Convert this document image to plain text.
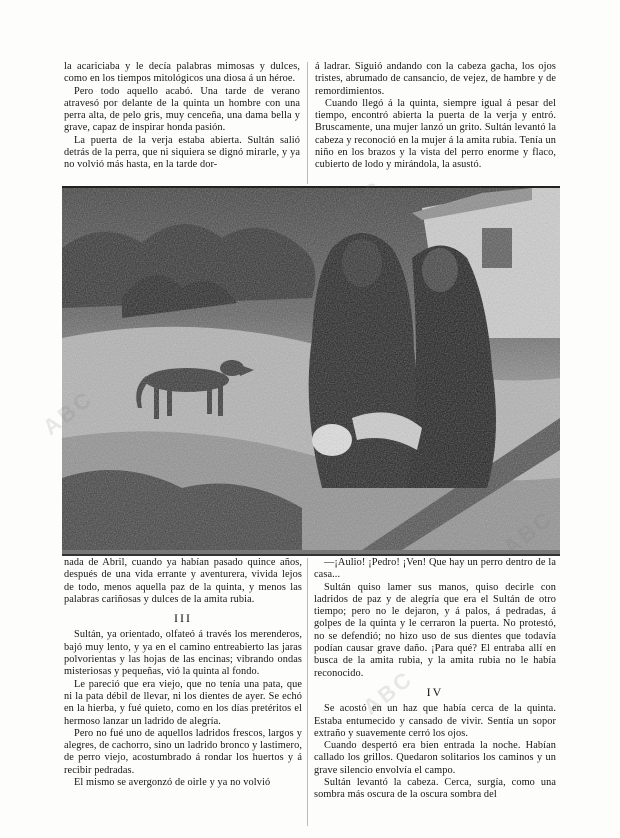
la acariciaba y le decía palabras mimosas y dulces, como en los tiempos mitológicos una diosa á un héroe.

Pero todo aquello acabó. Una tarde de verano atravesó por delante de la quinta un hombre con una perra alta, de pelo gris, muy cenceña, una dama bella y grave, capaz de inspirar honda pasión.

La puerta de la verja estaba abierta. Sultán salió detrás de la perra, que ni siquiera se dignó mirarle, y ya no volvió más hasta, en la tarde dor-

á ladrar. Siguió andando con la cabeza gacha, los ojos tristes, abrumado de cansancio, de vejez, de hambre y de remordimientos.

Cuando llegó á la quinta, siempre igual á pesar del tiempo, encontró abierta la puerta de la verja y entró. Bruscamente, una mujer lanzó un grito. Sultán levantó la cabeza y reconoció en la mujer á la amita rubia. Tenía un niño en los brazos y la vista del perro enorme y flaco, cubierto de lodo y mirándola, la asustó.

nada de Abril, cuando ya habían pasado quince años, después de una vida errante y aventurera, vivida lejos de todo, menos aquella paz de la quinta, y menos las palabras cariñosas y dulces de la amita rubia.

III

Sultán, ya orientado, olfateó á través los merenderos, bajó muy lento, y ya en el camino entreabierto las jaras polvorientas y las hojas de las encinas; vibrando ondas misteriosas y pequeñas, vió la quinta al fondo.

Le pareció que era viejo, que no tenía una pata, que ni la pata débil de llevar, ni los dientes de ayer. Se echó en la hierba, y fué quieto, como en los días pretéritos el hermoso lanzar un ladrido de alegría.

Pero no fué uno de aquellos ladridos frescos, largos y alegres, de cachorro, sino un ladrido bronco y lastimero, de perro viejo, acostumbrado á rondar los huertos y á recibir pedradas.

El mismo se avergonzó de oirle y ya no volvió

—¡Aulio! ¡Pedro! ¡Ven! Que hay un perro dentro de la casa...

Sultán quiso lamer sus manos, quiso decirle con ladridos de paz y de alegría que era el Sultán de otro tiempo; pero no le dejaron, y á palos, á pedradas, á golpes de la quinta y le cerraron la puerta. No protestó, no se defendió; no hizo uso de sus dientes que todavía podían causar grave daño. ¡Para qué? El entraba allí en busca de la amita rubia, y la amita rubia no le había reconocido.

IV

Se acostó en un haz que había cerca de la quinta. Estaba entumecido y cansado de vivir. Sentía un sopor extraño y suavemente cerró los ojos.

Cuando despertó era bien entrada la noche. Habían callado los grillos. Quedaron solitarios los caminos y un grave silencio envolvía el campo.

Sultán levantó la cabeza. Cerca, surgía, como una sombra más oscura de la oscura sombra del

ABC
